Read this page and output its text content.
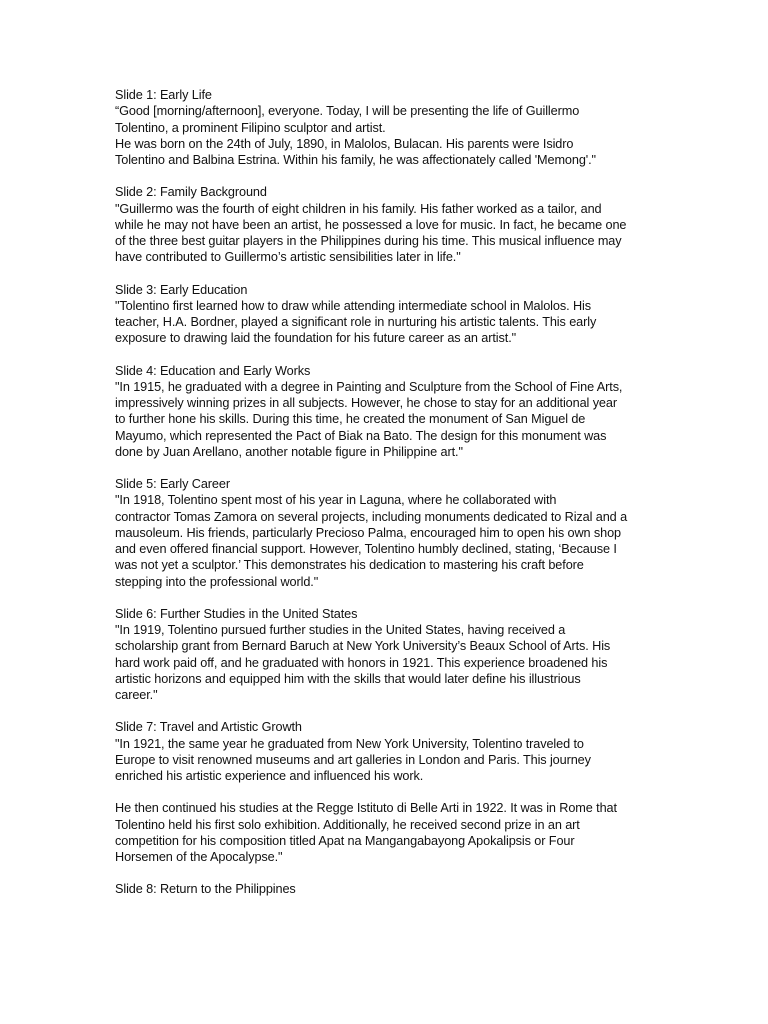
Slide 1: Early Life
“Good [morning/afternoon], everyone. Today, I will be presenting the life of Guillermo
Tolentino, a prominent Filipino sculptor and artist.
He was born on the 24th of July, 1890, in Malolos, Bulacan. His parents were Isidro
Tolentino and Balbina Estrina. Within his family, he was affectionately called 'Memong'."
Slide 2: Family Background
"Guillermo was the fourth of eight children in his family. His father worked as a tailor, and
while he may not have been an artist, he possessed a love for music. In fact, he became one
of the three best guitar players in the Philippines during his time. This musical influence may
have contributed to Guillermo’s artistic sensibilities later in life."
Slide 3: Early Education
"Tolentino first learned how to draw while attending intermediate school in Malolos. His
teacher, H.A. Bordner, played a significant role in nurturing his artistic talents. This early
exposure to drawing laid the foundation for his future career as an artist."
Slide 4: Education and Early Works
"In 1915, he graduated with a degree in Painting and Sculpture from the School of Fine Arts,
impressively winning prizes in all subjects. However, he chose to stay for an additional year
to further hone his skills. During this time, he created the monument of San Miguel de
Mayumo, which represented the Pact of Biak na Bato. The design for this monument was
done by Juan Arellano, another notable figure in Philippine art."
Slide 5: Early Career
"In 1918, Tolentino spent most of his year in Laguna, where he collaborated with
contractor Tomas Zamora on several projects, including monuments dedicated to Rizal and a
mausoleum. His friends, particularly Precioso Palma, encouraged him to open his own shop
and even offered financial support. However, Tolentino humbly declined, stating, ‘Because I
was not yet a sculptor.’ This demonstrates his dedication to mastering his craft before
stepping into the professional world."
Slide 6: Further Studies in the United States
"In 1919, Tolentino pursued further studies in the United States, having received a
scholarship grant from Bernard Baruch at New York University’s Beaux School of Arts. His
hard work paid off, and he graduated with honors in 1921. This experience broadened his
artistic horizons and equipped him with the skills that would later define his illustrious
career."
Slide 7: Travel and Artistic Growth
"In 1921, the same year he graduated from New York University, Tolentino traveled to
Europe to visit renowned museums and art galleries in London and Paris. This journey
enriched his artistic experience and influenced his work.
He then continued his studies at the Regge Istituto di Belle Arti in 1922. It was in Rome that
Tolentino held his first solo exhibition. Additionally, he received second prize in an art
competition for his composition titled Apat na Mangangabayong Apokalipsis or Four
Horsemen of the Apocalypse."
Slide 8: Return to the Philippines
